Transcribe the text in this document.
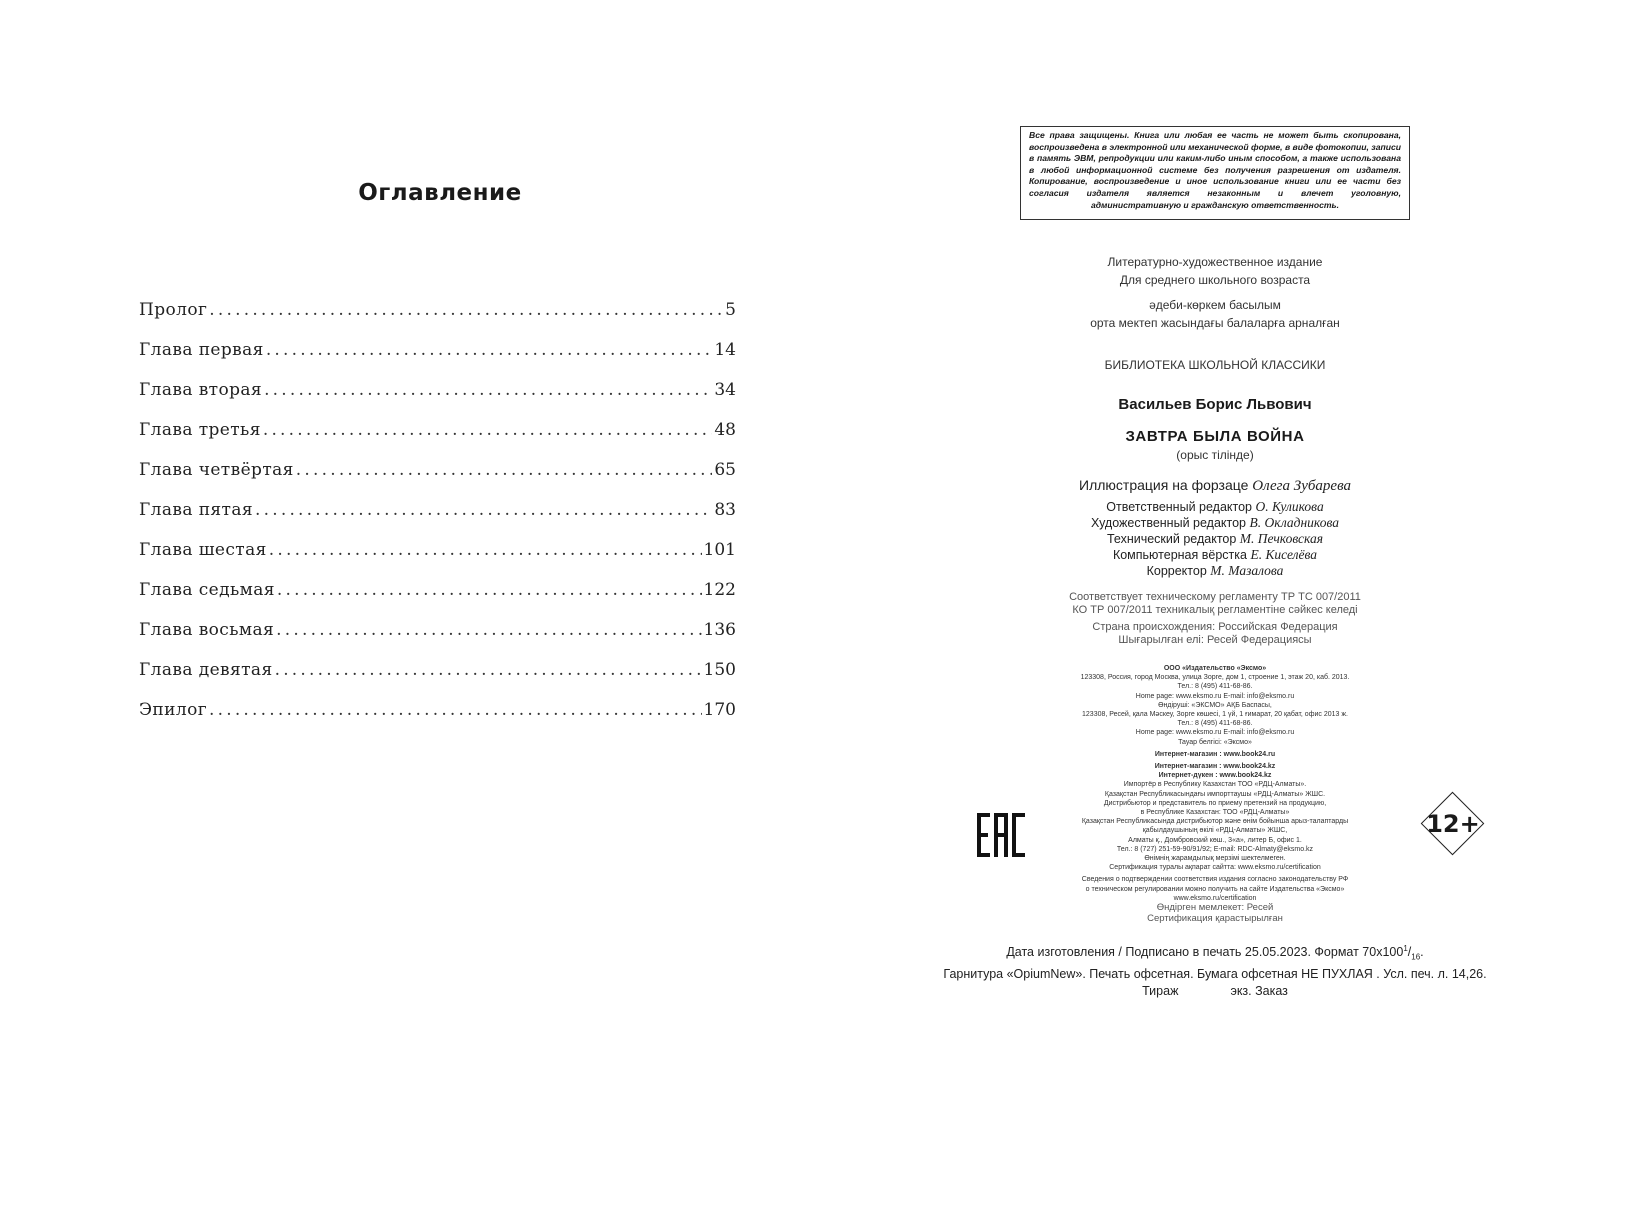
Оглавление
Пролог .....	5
Глава первая .....	14
Глава вторая .....	34
Глава третья .....	48
Глава четвёртая .....	65
Глава пятая .....	83
Глава шестая .....	101
Глава седьмая .....	122
Глава восьмая .....	136
Глава девятая .....	150
Эпилог .....	170
Все права защищены. Книга или любая ее часть не может быть скопирована, воспроизведена в электронной или механической форме, в виде фотокопии, записи в память ЭВМ, репродукции или каким-либо иным способом, а также использована в любой информационной системе без получения разрешения от издателя. Копирование, воспроизведение и иное использование книги или ее части без согласия издателя является незаконным и влечет уголовную, административную и гражданскую ответственность.
Литературно-художественное издание
Для среднего школьного возраста
әдеби-көркем басылым
орта мектеп жасындағы балаларға арналған
БИБЛИОТЕКА ШКОЛЬНОЙ КЛАССИКИ
Васильев Борис Львович
ЗАВТРА БЫЛА ВОЙНА
(орыс тілінде)
Иллюстрация на форзаце Олега Зубарева
Ответственный редактор О. Куликова
Художественный редактор В. Окладникова
Технический редактор М. Печковская
Компьютерная вёрстка Е. Киселёва
Корректор М. Мазалова
Соответствует техническому регламенту ТР ТС 007/2011
КО ТР 007/2011 техникалық регламентіне сәйкес келеді
Страна происхождения: Российская Федерация
Шығарылған елі: Ресей Федерациясы
ООО «Издательство «Эксмо»
123308, Россия, город Москва, улица Зорге, дом 1, строение 1, этаж 20, каб. 2013.
Тел.: 8 (495) 411-68-86.
Home page: www.eksmo.ru E-mail: info@eksmo.ru
Өндіруші: «ЭКСМО» АҚБ Баспасы,
123308, Ресей, қала Мәскеу, Зорге көшесі, 1 үй, 1 ғимарат, 20 қабат, офис 2013 ж.
Тел.: 8 (495) 411-68-86.
Home page: www.eksmo.ru E-mail: info@eksmo.ru
Тауар белгісі: «Эксмо»
Интернет-магазин : www.book24.ru
Интернет-магазин : www.book24.kz
Интернет-дүкен : www.book24.kz
Импортёр в Республику Казахстан ТОО «РДЦ-Алматы».
Қазақстан Республикасындағы импорттаушы «РДЦ-Алматы» ЖШС.
Дистрибьютор и представитель по приему претензий на продукцию,
в Республике Казахстан: ТОО «РДЦ-Алматы»
Қазақстан Республикасында дистрибьютор және өнім бойынша арыз-талаптарды
қабылдаушының өкілі «РДЦ-Алматы» ЖШС,
Алматы қ., Домбровский көш., 3«а», литер Б, офис 1.
Тел.: 8 (727) 251-59-90/91/92; E-mail: RDC-Almaty@eksmo.kz
Өнімнің жарамдылық мерзімі шектелмеген.
Сертификация туралы ақпарат сайтта: www.eksmo.ru/certification
Сведения о подтверждении соответствия издания согласно законодательству РФ
о техническом регулировании можно получить на сайте Издательства «Эксмо»
www.eksmo.ru/certification
Өндірген мемлекет: Ресей
Сертификация қарастырылған
Дата изготовления / Подписано в печать 25.05.2023. Формат $70х100^1/_{16}$.
Гарнитура «OpiumNew». Печать офсетная. Бумага офсетная НЕ ПУХЛАЯ . Усл. печ. л. 14,26.
Тираж	экз. Заказ
12+
